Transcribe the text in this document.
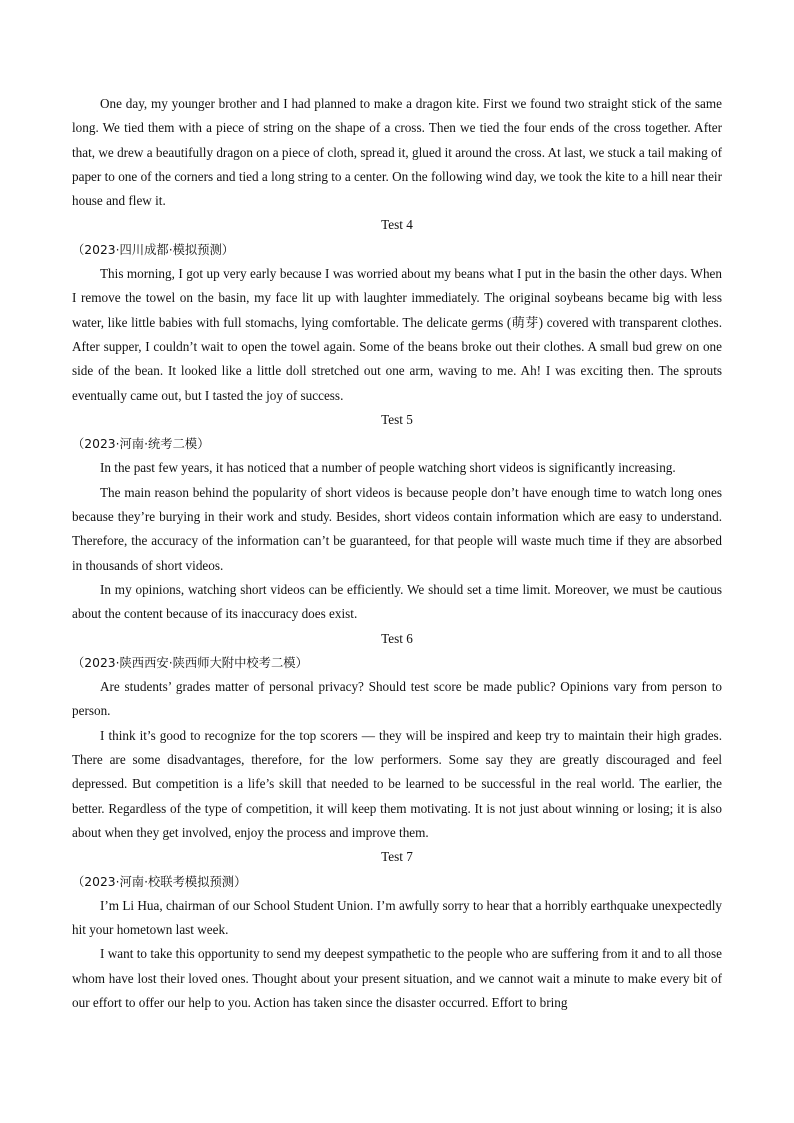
One day, my younger brother and I had planned to make a dragon kite. First we found two straight stick of the same long. We tied them with a piece of string on the shape of a cross. Then we tied the four ends of the cross together. After that, we drew a beautifully dragon on a piece of cloth, spread it, glued it around the cross. At last, we stuck a tail making of paper to one of the corners and tied a long string to a center. On the following wind day, we took the kite to a hill near their house and flew it.

Test 4

（2023·四川成都·模拟预测）

This morning, I got up very early because I was worried about my beans what I put in the basin the other days. When I remove the towel on the basin, my face lit up with laughter immediately. The original soybeans became big with less water, like little babies with full stomachs, lying comfortable. The delicate germs (萌芽) covered with transparent clothes. After supper, I couldn’t wait to open the towel again. Some of the beans broke out their clothes. A small bud grew on one side of the bean. It looked like a little doll stretched out one arm, waving to me. Ah! I was exciting then. The sprouts eventually came out, but I tasted the joy of success.

Test 5

（2023·河南·统考二模）

In the past few years, it has noticed that a number of people watching short videos is significantly increasing.

The main reason behind the popularity of short videos is because people don’t have enough time to watch long ones because they’re burying in their work and study. Besides, short videos contain information which are easy to understand. Therefore, the accuracy of the information can’t be guaranteed, for that people will waste much time if they are absorbed in thousands of short videos.

In my opinions, watching short videos can be efficiently. We should set a time limit. Moreover, we must be cautious about the content because of its inaccuracy does exist.

Test 6

（2023·陕西西安·陕西师大附中校考二模）

Are students’ grades matter of personal privacy? Should test score be made public? Opinions vary from person to person.

I think it’s good to recognize for the top scorers — they will be inspired and keep try to maintain their high grades. There are some disadvantages, therefore, for the low performers. Some say they are greatly discouraged and feel depressed. But competition is a life’s skill that needed to be learned to be successful in the real world. The earlier, the better. Regardless of the type of competition, it will keep them motivating. It is not just about winning or losing; it is also about when they get involved, enjoy the process and improve them.

Test 7

（2023·河南·校联考模拟预测）

I’m Li Hua, chairman of our School Student Union. I’m awfully sorry to hear that a horribly earthquake unexpectedly hit your hometown last week.

I want to take this opportunity to send my deepest sympathetic to the people who are suffering from it and to all those whom have lost their loved ones. Thought about your present situation, and we cannot wait a minute to make every bit of our effort to offer our help to you. Action has taken since the disaster occurred. Effort to bring
